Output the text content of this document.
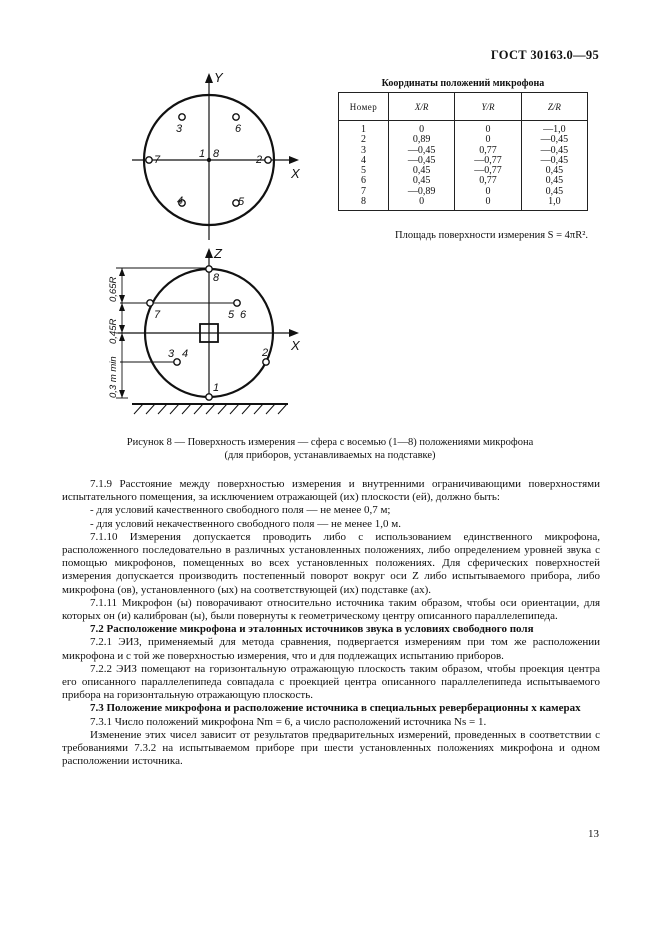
ГОСТ 30163.0—95
Y
X
1 8	2
3
4	5
6
7
Z
X
8
7	5 6
3 4	2
1
0,65R
0,45R
0,3 m min
Координаты положений микрофона
Номер	X/R	Y/R	Z/R
1	0	0	—1,0
2	0,89	0	—0,45
3	—0,45	0,77	—0,45
4	—0,45	—0,77	—0,45
5	0,45	—0,77	0,45
6	0,45	0,77	0,45
7	—0,89	0	0,45
8	0	0	1,0
Площадь поверхности измерения S = 4πR².
Рисунок 8 — Поверхность измерения — сфера с восемью (1—8) положениями микрофона
(для приборов, устанавливаемых на подставке)

7.1.9 Расстояние между поверхностью измерения и внутренними ограничивающими поверхностями испытательного помещения, за исключением отражающей (их) плоскости (ей), должно быть:

- для условий качественного свободного поля — не менее 0,7 м;

- для условий некачественного свободного поля — не менее 1,0 м.

7.1.10 Измерения допускается проводить либо с использованием единственного микрофона, расположенного последовательно в различных установленных положениях, либо определением уровней звука с помощью микрофонов, помещенных во всех установленных положениях. Для сферических поверхностей измерения допускается производить постепенный поворот вокруг оси Z либо испытываемого прибора, либо микрофона (ов), установленного (ых) на соответствующей (их) подставке (ах).

7.1.11 Микрофон (ы) поворачивают относительно источника таким образом, чтобы оси ориентации, для которых он (и) калиброван (ы), были повернуты к геометрическому центру описанного параллелепипеда.

7.2 Расположение микрофона и эталонных источников звука в условиях свободного поля

7.2.1 ЭИЗ, применяемый для метода сравнения, подвергается измерениям при том же расположении микрофона и с той же поверхностью измерения, что и для подлежащих испытанию приборов.

7.2.2 ЭИЗ помещают на горизонтальную отражающую плоскость таким образом, чтобы проекция центра его описанного параллелепипеда совпадала с проекцией центра описанного параллелепипеда испытываемого прибора на горизонтальную отражающую плоскость.

7.3 Положение микрофона и расположение источника в специальных реверберационны х камерах

7.3.1 Число положений микрофона Nm = 6, а число расположений источника Ns = 1.

Изменение этих чисел зависит от результатов предварительных измерений, проведенных в соответствии с требованиями 7.3.2 на испытываемом приборе при шести установленных положениях микрофона и одном расположении источника.

13
